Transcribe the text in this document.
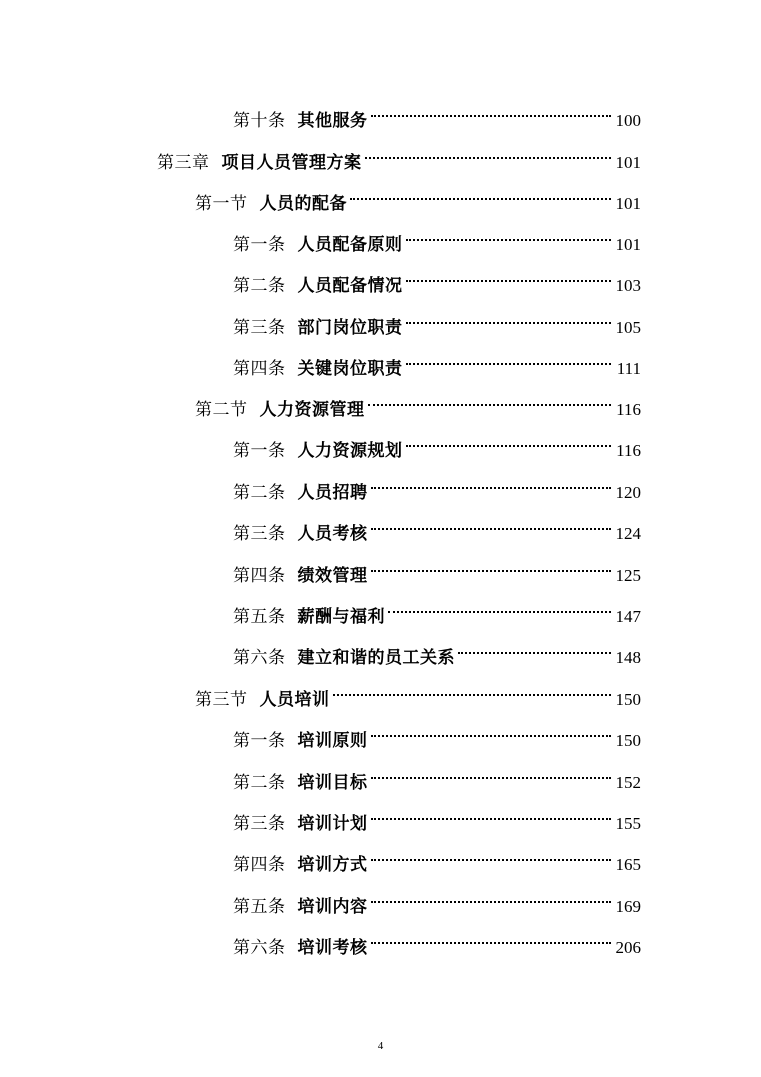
第十条 其他服务	100
第三章 项目人员管理方案	101
第一节 人员的配备	101
第一条 人员配备原则	101
第二条 人员配备情况	103
第三条 部门岗位职责	105
第四条 关键岗位职责	111
第二节 人力资源管理	116
第一条 人力资源规划	116
第二条 人员招聘	120
第三条 人员考核	124
第四条 绩效管理	125
第五条 薪酬与福利	147
第六条 建立和谐的员工关系	148
第三节 人员培训	150
第一条 培训原则	150
第二条 培训目标	152
第三条 培训计划	155
第四条 培训方式	165
第五条 培训内容	169
第六条 培训考核	206
4
